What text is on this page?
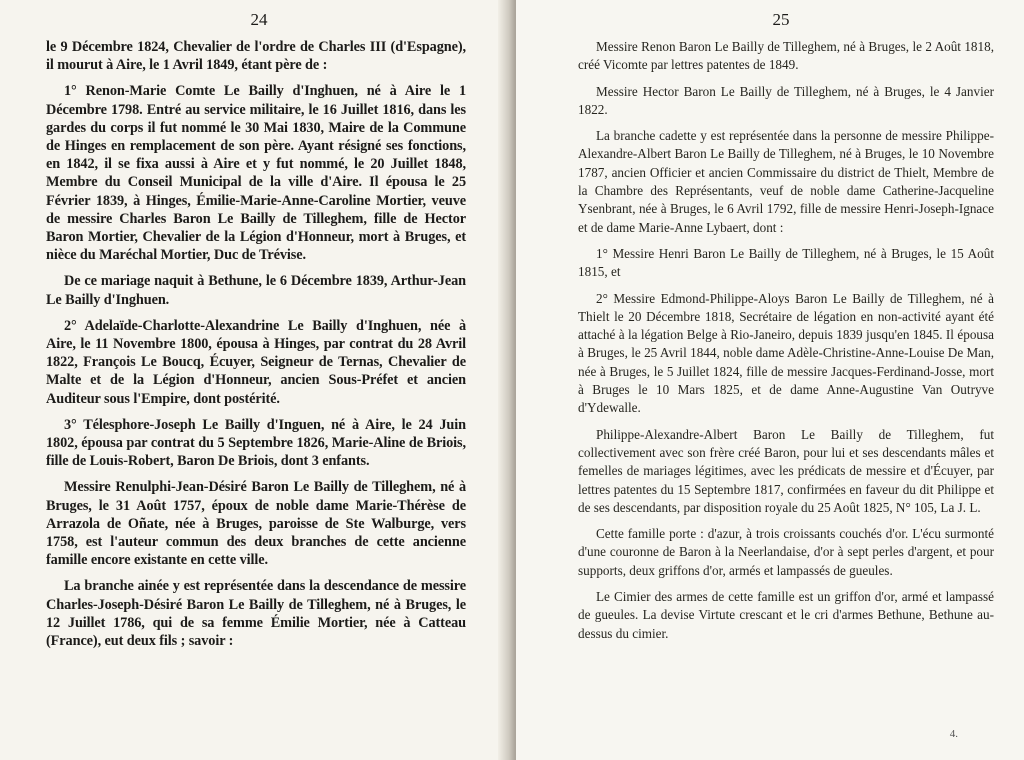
24

le 9 Décembre 1824, Chevalier de l'ordre de Charles III (d'Espagne), il mourut à Aire, le 1 Avril 1849, étant père de :

1° Renon-Marie Comte Le Bailly d'Inghuen, né à Aire le 1 Décembre 1798. Entré au service militaire, le 16 Juillet 1816, dans les gardes du corps il fut nommé le 30 Mai 1830, Maire de la Commune de Hinges en remplacement de son père. Ayant résigné ses fonctions, en 1842, il se fixa aussi à Aire et y fut nommé, le 20 Juillet 1848, Membre du Conseil Municipal de la ville d'Aire. Il épousa le 25 Février 1839, à Hinges, Émilie-Marie-Anne-Caroline Mortier, veuve de messire Charles Baron Le Bailly de Tilleghem, fille de Hector Baron Mortier, Chevalier de la Légion d'Honneur, mort à Bruges, et nièce du Maréchal Mortier, Duc de Trévise.

De ce mariage naquit à Bethune, le 6 Décembre 1839, Arthur-Jean Le Bailly d'Inghuen.

2° Adelaïde-Charlotte-Alexandrine Le Bailly d'Inghuen, née à Aire, le 11 Novembre 1800, épousa à Hinges, par contrat du 28 Avril 1822, François Le Boucq, Écuyer, Seigneur de Ternas, Chevalier de Malte et de la Légion d'Honneur, ancien Sous-Préfet et ancien Auditeur sous l'Empire, dont postérité.

3° Télesphore-Joseph Le Bailly d'Inguen, né à Aire, le 24 Juin 1802, épousa par contrat du 5 Septembre 1826, Marie-Aline de Briois, fille de Louis-Robert, Baron De Briois, dont 3 enfants.

Messire Renulphi-Jean-Désiré Baron Le Bailly de Tilleghem, né à Bruges, le 31 Août 1757, époux de noble dame Marie-Thérèse de Arrazola de Oñate, née à Bruges, paroisse de Ste Walburge, vers 1758, est l'auteur commun des deux branches de cette ancienne famille encore existante en cette ville.

La branche ainée y est représentée dans la descendance de messire Charles-Joseph-Désiré Baron Le Bailly de Tilleghem, né à Bruges, le 12 Juillet 1786, qui de sa femme Émilie Mortier, née à Catteau (France), eut deux fils ; savoir :

25

Messire Renon Baron Le Bailly de Tilleghem, né à Bruges, le 2 Août 1818, créé Vicomte par lettres patentes de 1849.

Messire Hector Baron Le Bailly de Tilleghem, né à Bruges, le 4 Janvier 1822.

La branche cadette y est représentée dans la personne de messire Philippe-Alexandre-Albert Baron Le Bailly de Tilleghem, né à Bruges, le 10 Novembre 1787, ancien Officier et ancien Commissaire du district de Thielt, Membre de la Chambre des Représentants, veuf de noble dame Catherine-Jacqueline Ysenbrant, née à Bruges, le 6 Avril 1792, fille de messire Henri-Joseph-Ignace et de dame Marie-Anne Lybaert, dont :

1° Messire Henri Baron Le Bailly de Tilleghem, né à Bruges, le 15 Août 1815, et

2° Messire Edmond-Philippe-Aloys Baron Le Bailly de Tilleghem, né à Thielt le 20 Décembre 1818, Secrétaire de légation en non-activité ayant été attaché à la légation Belge à Rio-Janeiro, depuis 1839 jusqu'en 1845. Il épousa à Bruges, le 25 Avril 1844, noble dame Adèle-Christine-Anne-Louise De Man, née à Bruges, le 5 Juillet 1824, fille de messire Jacques-Ferdinand-Josse, mort à Bruges le 10 Mars 1825, et de dame Anne-Augustine Van Outryve d'Ydewalle.

Philippe-Alexandre-Albert Baron Le Bailly de Tilleghem, fut collectivement avec son frère créé Baron, pour lui et ses descendants mâles et femelles de mariages légitimes, avec les prédicats de messire et d'Écuyer, par lettres patentes du 15 Septembre 1817, confirmées en faveur du dit Philippe et de ses descendants, par disposition royale du 25 Août 1825, N° 105, La J. L.

Cette famille porte : d'azur, à trois croissants couchés d'or. L'écu surmonté d'une couronne de Baron à la Neerlandaise, d'or à sept perles d'argent, et pour supports, deux griffons d'or, armés et lampassés de gueules.

Le Cimier des armes de cette famille est un griffon d'or, armé et lampassé de gueules. La devise Virtute crescant et le cri d'armes Bethune, Bethune au-dessus du cimier.

4.
